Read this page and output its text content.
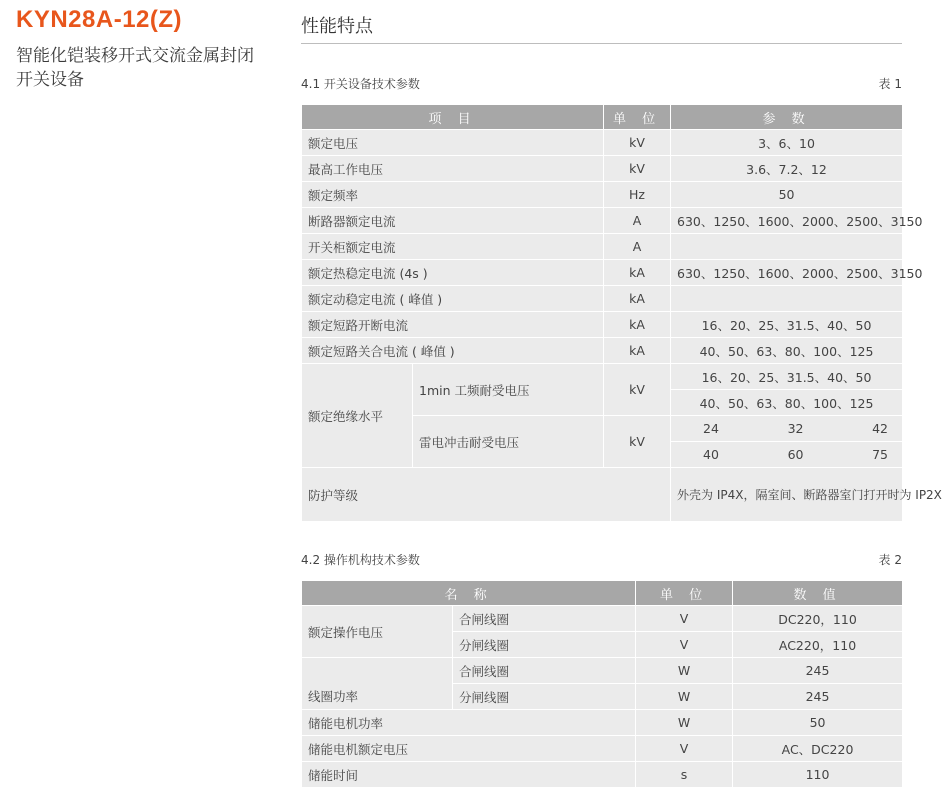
KYN28A-12(Z)

智能化铠装移开式交流金属封闭开关设备

性能特点
4.1 开关设备技术参数	表 1
项 目		单 位	参 数
额定电压		kV	3、6、10
最高工作电压		kV	3.6、7.2、12
额定频率		Hz	50
断路器额定电流		A	630、1250、1600、2000、2500、3150
开关柜额定电流		A	
额定热稳定电流 (4s )		kA	630、1250、1600、2000、2500、3150
额定动稳定电流 ( 峰值 )		kA	
额定短路开断电流		kA	16、20、25、31.5、40、50
额定短路关合电流 ( 峰值 )		kA	40、50、63、80、100、125
额定绝缘水平	1min 工频耐受电压	kV	16、20、25、31.5、40、50
			40、50、63、80、100、125
	雷电冲击耐受电压	kV	24 32 42

			40 60 75

防护等级			外壳为 IP4X，隔室间、断路器室门打开时为 IP2X
4.2 操作机构技术参数	表 2
名 称		单 位	数 值
额定操作电压	合闸线圈	V	DC220，110
	分闸线圈	V	AC220，110
线圈功率	合闸线圈	W	245
	分闸线圈	W	245
储能电机功率		W	50
储能电机额定电压		V	AC、DC220
储能时间		s	110
